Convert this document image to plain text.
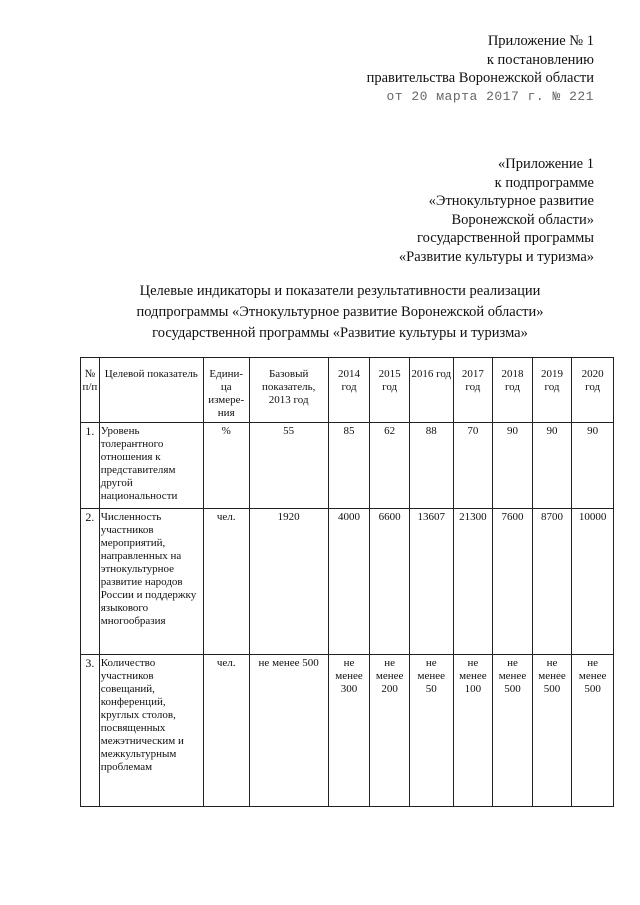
Приложение № 1
к постановлению
правительства Воронежской области
от 20 марта 2017 г. № 221
«Приложение 1
к подпрограмме
«Этнокультурное развитие
Воронежской области»
государственной программы
«Развитие культуры и туризма»
Целевые индикаторы и показатели результативности реализации
подпрограммы «Этнокультурное развитие Воронежской области»
государственной программы «Развитие культуры и туризма»
№ п/п	Целевой показатель	Едини-ца измере-ния	Базовый показатель, 2013 год	2014 год	2015 год	2016 год	2017 год	2018 год	2019 год	2020 год
1.	Уровень толерантного отношения к представителям другой национальности	%	55	85	62	88	70	90	90	90
2.	Численность участников мероприятий, направленных на этнокультурное развитие народов России и поддержку языкового многообразия	чел.	1920	4000	6600	13607	21300	7600	8700	10000
3.	Количество участников совещаний, конференций, круглых столов, посвященных межэтническим и межкультурным проблемам	чел.	не менее 500	не менее 300	не менее 200	не менее 50	не менее 100	не менее 500	не менее 500	не менее 500
